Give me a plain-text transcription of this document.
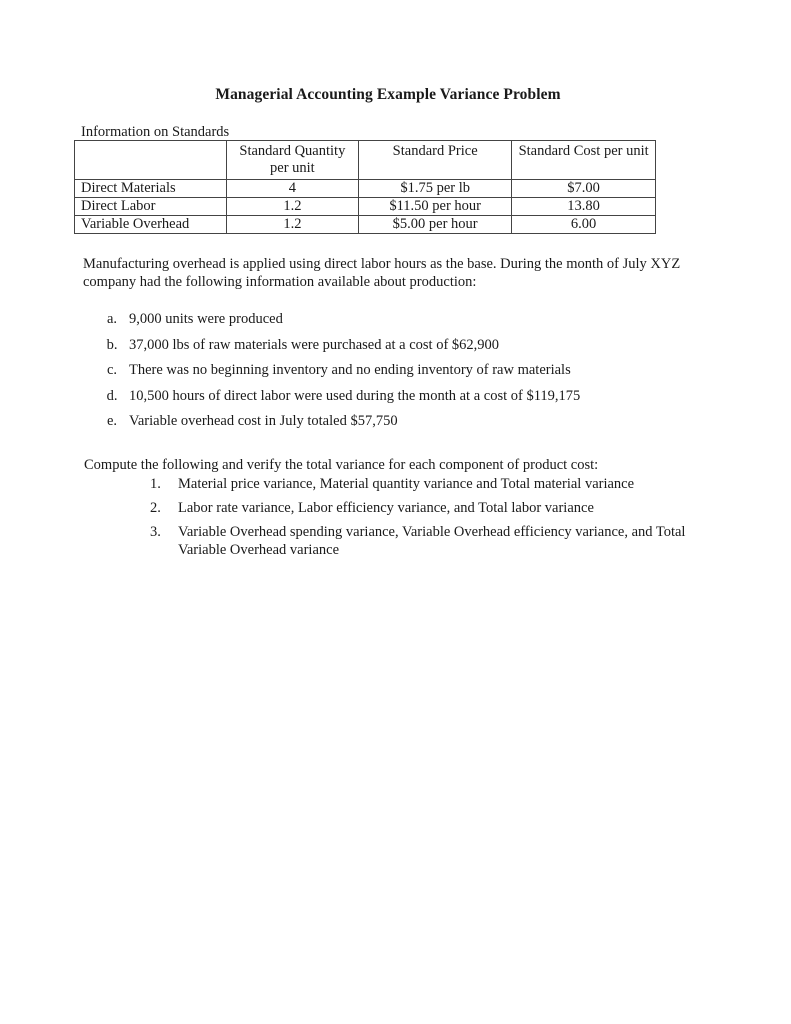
Managerial Accounting Example Variance Problem
Information on Standards
	Standard Quantity per unit	Standard Price	Standard Cost per unit
Direct Materials	4	$1.75 per lb	$7.00
Direct Labor	1.2	$11.50 per hour	13.80
Variable Overhead	1.2	$5.00 per hour	6.00
Manufacturing overhead is applied using direct labor hours as the base. During the month of July XYZ company had the following information available about production:
a. 9,000 units were produced
b. 37,000 lbs of raw materials were purchased at a cost of $62,900
c. There was no beginning inventory and no ending inventory of raw materials
d. 10,500 hours of direct labor were used during the month at a cost of $119,175
e. Variable overhead cost in July totaled $57,750
Compute the following and verify the total variance for each component of product cost:
1.	Material price variance, Material quantity variance and Total material variance
2.	Labor rate variance, Labor efficiency variance, and Total labor variance
3.	Variable Overhead spending variance, Variable Overhead efficiency variance, and Total Variable Overhead variance
